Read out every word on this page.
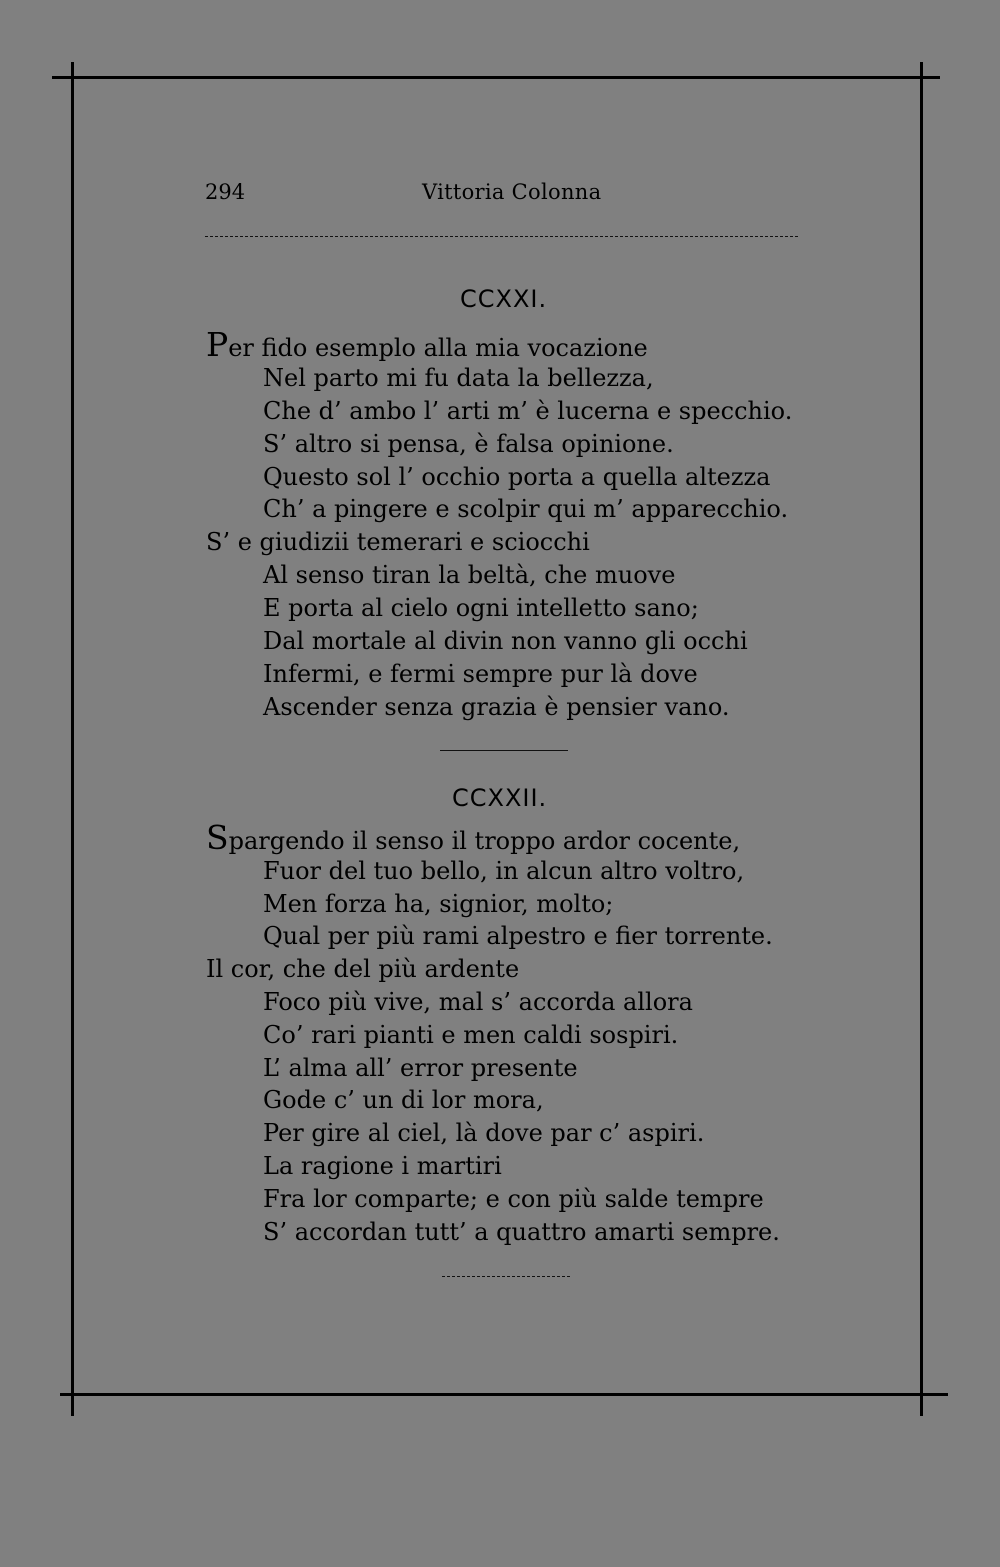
294	Vittoria Colonna
CCXXI.
Per fido esemplo alla mia vocazione
Nel parto mi fu data la bellezza,
Che d’ ambo l’ arti m’ è lucerna e specchio.
S’ altro si pensa, è falsa opinione.
Questo sol l’ occhio porta a quella altezza
Ch’ a pingere e scolpir qui m’ apparecchio.
S’ e giudizii temerari e sciocchi
Al senso tiran la beltà, che muove
E porta al cielo ogni intelletto sano;
Dal mortale al divin non vanno gli occhi
Infermi, e fermi sempre pur là dove
Ascender senza grazia è pensier vano.
CCXXII.
Spargendo il senso il troppo ardor cocente,
Fuor del tuo bello, in alcun altro voltro,
Men forza ha, signior, molto;
Qual per più rami alpestro e fier torrente.
Il cor, che del più ardente
Foco più vive, mal s’ accorda allora
Co’ rari pianti e men caldi sospiri.
L’ alma all’ error presente
Gode c’ un di lor mora,
Per gire al ciel, là dove par c’ aspiri.
La ragione i martiri
Fra lor comparte; e con più salde tempre
S’ accordan tutt’ a quattro amarti sempre.
